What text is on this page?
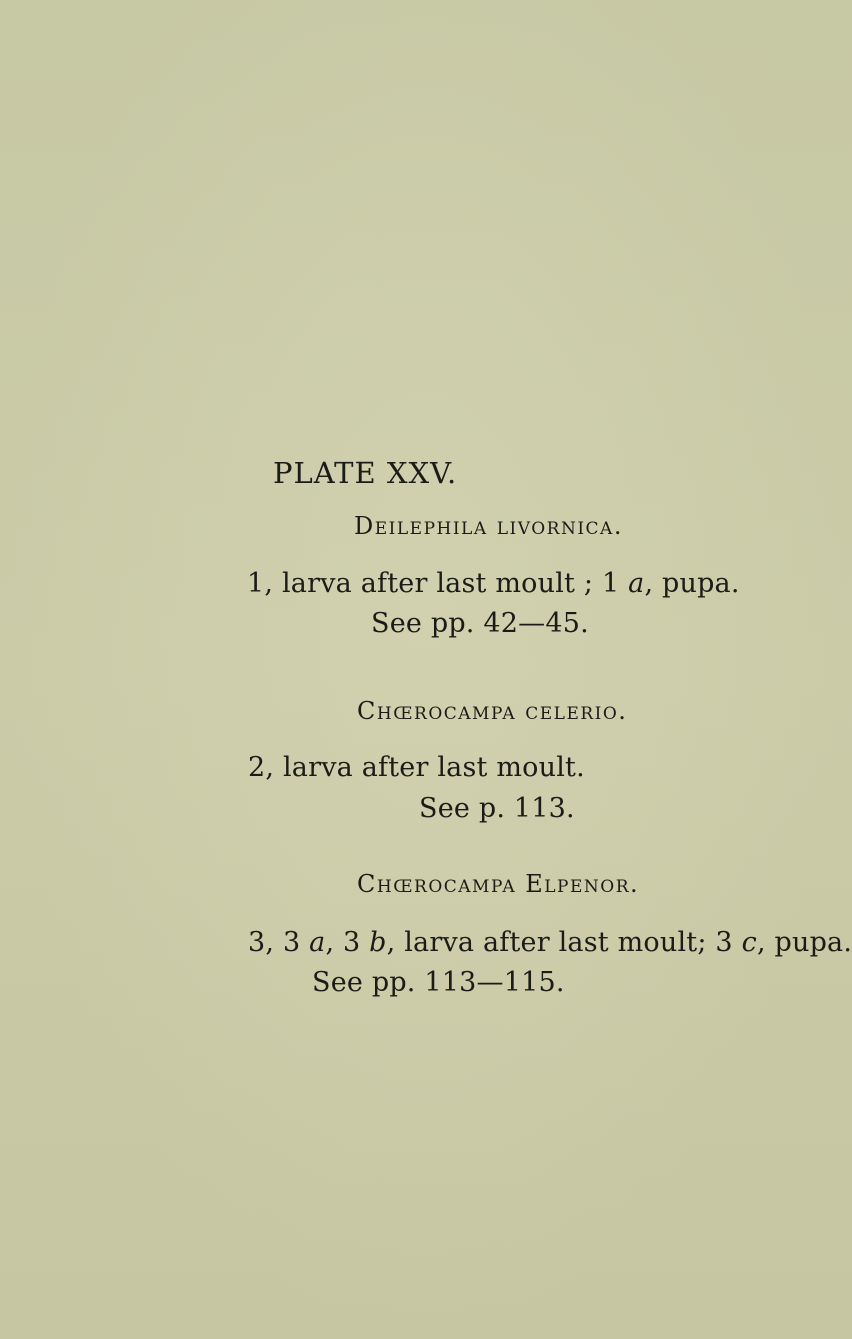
PLATE XXV.
Deilephila livornica.
1, larva after last moult ; 1 a, pupa.
See pp. 42—45.
Chœrocampa celerio.
2, larva after last moult.
See p. 113.
Chœrocampa Elpenor.
3, 3 a, 3 b, larva after last moult; 3 c, pupa.
See pp. 113—115.
